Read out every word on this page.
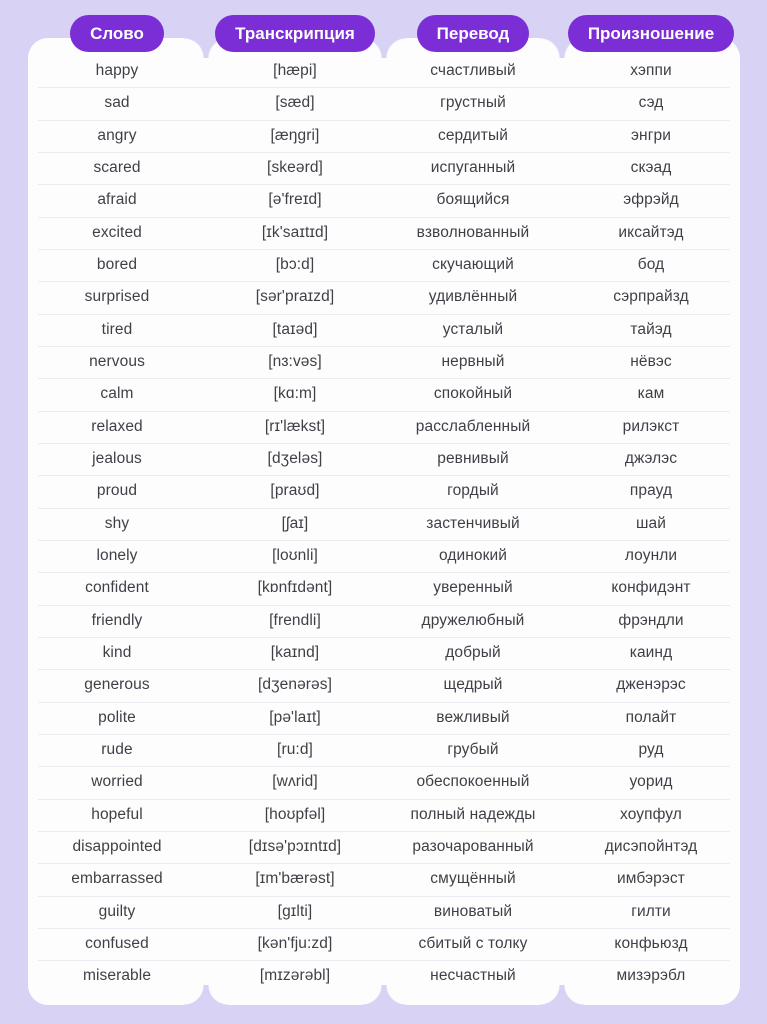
Слово	Транскрипция	Перевод	Произношение
happy	[hæpi]	счастливый	хэппи
sad	[sæd]	грустный	сэд
angry	[æŋgri]	сердитый	энгри
scared	[skeərd]	испуганный	скэад
afraid	[ə'freɪd]	боящийся	эфрэйд
excited	[ɪk'saɪtɪd]	взволнованный	иксайтэд
bored	[bɔ:d]	скучающий	бод
surprised	[sər'praɪzd]	удивлённый	сэрпрайзд
tired	[taɪəd]	усталый	тайэд
nervous	[nɜ:vəs]	нервный	нёвэс
calm	[kɑ:m]	спокойный	кам
relaxed	[rɪ'lækst]	расслабленный	рилэкст
jealous	[dʒeləs]	ревнивый	джэлэс
proud	[praʊd]	гордый	прауд
shy	[ʃaɪ]	застенчивый	шай
lonely	[loʊnli]	одинокий	лоунли
confident	[kɒnfɪdənt]	уверенный	конфидэнт
friendly	[frendli]	дружелюбный	фрэндли
kind	[kaɪnd]	добрый	каинд
generous	[dʒenərəs]	щедрый	дженэрэс
polite	[pə'laɪt]	вежливый	полайт
rude	[ru:d]	грубый	руд
worried	[wʌrid]	обеспокоенный	уорид
hopeful	[hoʊpfəl]	полный надежды	хоупфул
disappointed	[dɪsə'pɔɪntɪd]	разочарованный	дисэпойнтэд
embarrassed	[ɪm'bærəst]	смущённый	имбэрэст
guilty	[gɪlti]	виноватый	гилти
confused	[kən'fju:zd]	сбитый с толку	конфьюзд
miserable	[mɪzərəbl]	несчастный	мизэрэбл
